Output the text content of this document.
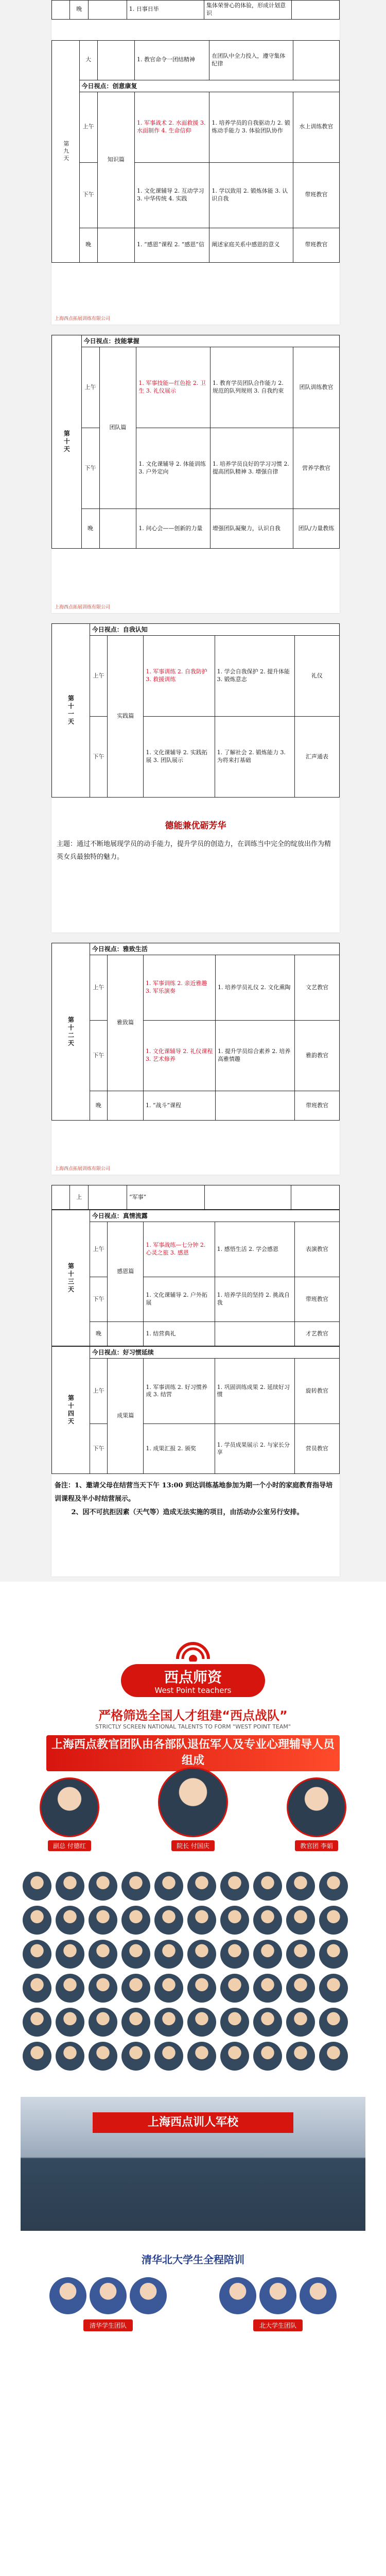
	晚		1. 日事日毕	集体荣誉心的体验，形成计划意识	
第九天	大		1. 教官命令一团结精神	在团队中全力投入，遵守集体纪律	
	今日视点：创意康复				
	上午	知识篇	1. 军事战术 2. 水面救援 3. 水面制作 4. 生命信仰	1. 培养学员的自我驱动力 2. 锻炼动手能力 3. 体验团队协作	水上训练教官
	下午		1. 文化课辅导 2. 互动学习 3. 中华传统 4. 实践	1. 学以致用 2. 锻炼体能 3. 认识自我	带班教官
	晚		1. “感恩”课程 2. “感恩”信	阐述家庭关系中感恩的意义	带班教官
上海西点拓展训练有限公司
第十天	今日视点：技能掌握				
	上午	团队篇	1. 军事技能—红色抢 2. 卫生 3. 礼仪展示	1. 教育学员团队合作能力 2. 规范的队列规则 3. 自我约束	团队训练教官
	下午		1. 文化课辅导 2. 体能训练 3. 户外定向	1. 培养学员良好的学习习惯 2. 提高团队精神 3. 增强自律	营养学教官
	晚		1. 问心会——创新的力量	增强团队凝聚力，认识自我	团队/力量教练
上海西点拓展训练有限公司
第十一天	今日视点：自我认知				
	上午	实践篇	1. 军事训练 2. 自我防护 3. 救援训练	1. 学会自我保护 2. 提升体能 3. 锻炼意志	礼仪
	下午		1. 文化课辅导 2. 实践拓展 3. 团队展示	1. 了解社会 2. 锻炼能力 3. 为将来打基础	汇声通表
德能兼优砺芳华
主题：通过不断地展现学员的动手能力，提升学员的创造力，在训练当中完全的绽放出作为精英女兵最独特的魅力。
第十二天	今日视点：雅致生活				
	上午	雅致篇	1. 军事训练 2. 亲近雅趣 3. 军乐演奏	1. 培养学员礼仪 2. 文化熏陶	文艺教官
	下午		1. 文化课辅导 2. 礼仪课程 3. 艺术修养	1. 提升学员综合素养 2. 培养高雅情趣	雅韵教官
	晚		1. “战斗”课程		带班教官
上海西点拓展训练有限公司
	上		“军事”		
第十三天	今日视点：真情流露				
	上午	感恩篇	1. 军事战练—七分钟 2. 心灵之旅 3. 感恩	1. 感悟生活 2. 学会感恩	表演教官
	下午		1. 文化课辅导 2. 户外拓展	1. 培养学员的坚持 2. 挑战自我	带班教官
	晚		1. 结营典礼		才艺教官
第十四天	今日视点：好习惯延续				
	上午	成果篇	1. 军事训练 2. 好习惯养成 3. 结营	1. 巩固训练成果 2. 延续好习惯	旋转教官
	下午		1. 成果汇报 2. 颁奖	1. 学员成果展示 2. 与家长分享	营员教官
备注：1、邀请父母在结营当天下午 13:00 到达训练基地参加为期一个小时的家庭教育指导培训课程及半小时结营展示。
2、因不可抗拒因素（天气等）造成无法实施的项目，由活动办公室另行安排。
西点师资
West Point teachers
严格筛选全国人才组建“西点战队”
STRICTLY SCREEN NATIONAL TALENTS TO FORM "WEST POINT TEAM"
上海西点教官团队由各部队退伍军人及专业心理辅导人员组成
副总 付德红	院长 付国庆	教官团 李娟

上海西点训人军校
清华北大学生全程陪训
清华学生团队	北大学生团队
